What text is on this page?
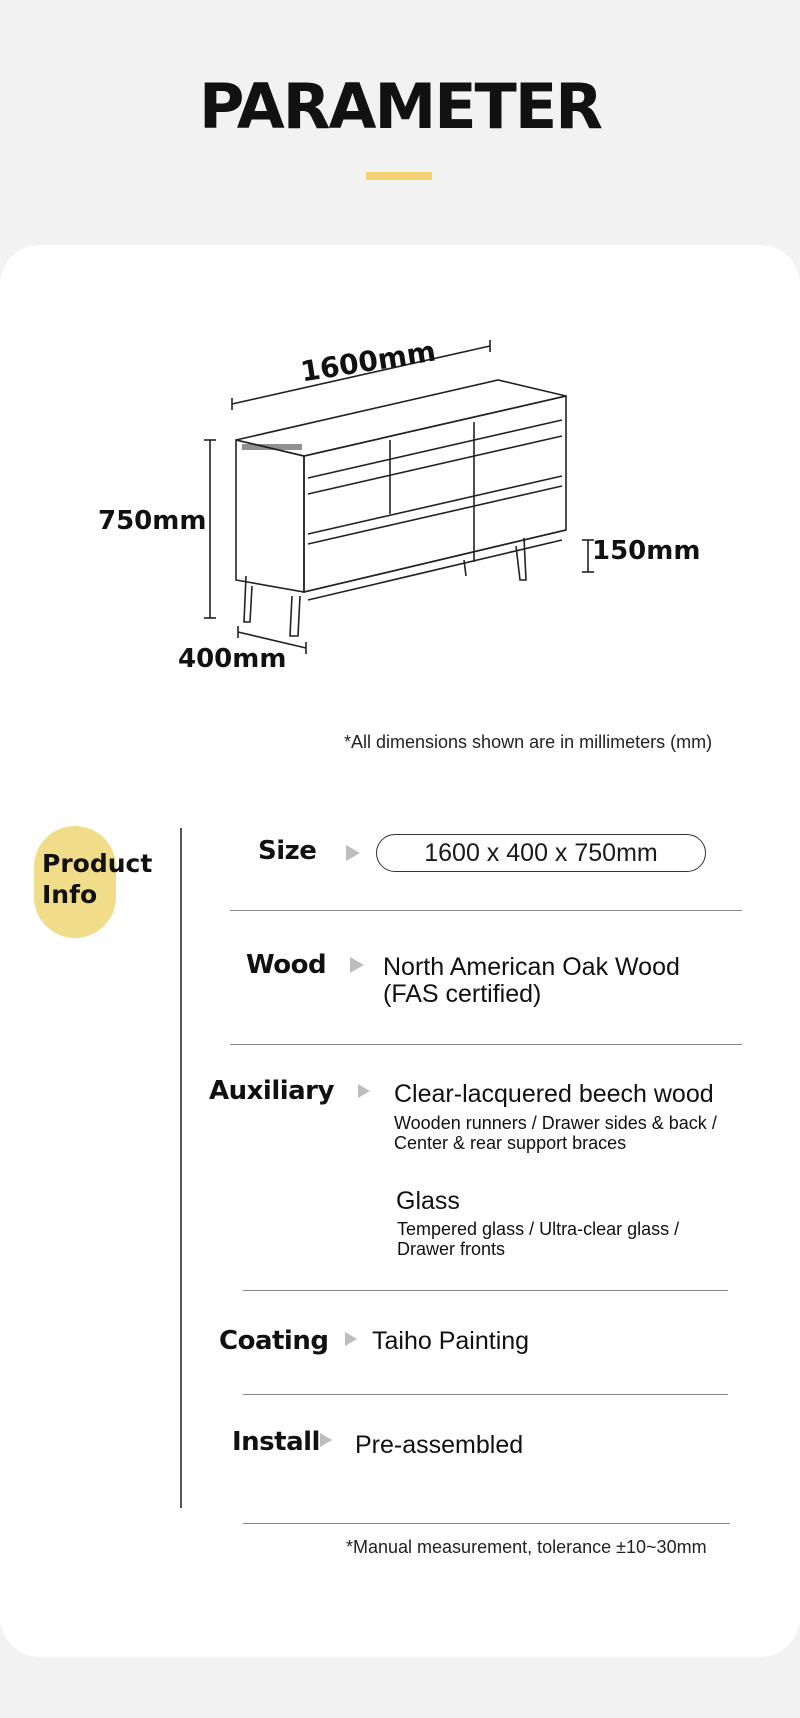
PARAMETER
1600mm
750mm
150mm
400mm
*All dimensions shown are in millimeters (mm)
Product Info
Size	1600 x 400 x 750mm
Wood North American Oak Wood
(FAS certified)
Auxiliary Clear-lacquered beech wood
Wooden runners / Drawer sides & back /
Center & rear support braces
Glass
Tempered glass / Ultra-clear glass /
Drawer fronts
Coating Taiho Painting
Install Pre-assembled
*Manual measurement, tolerance ±10~30mm
